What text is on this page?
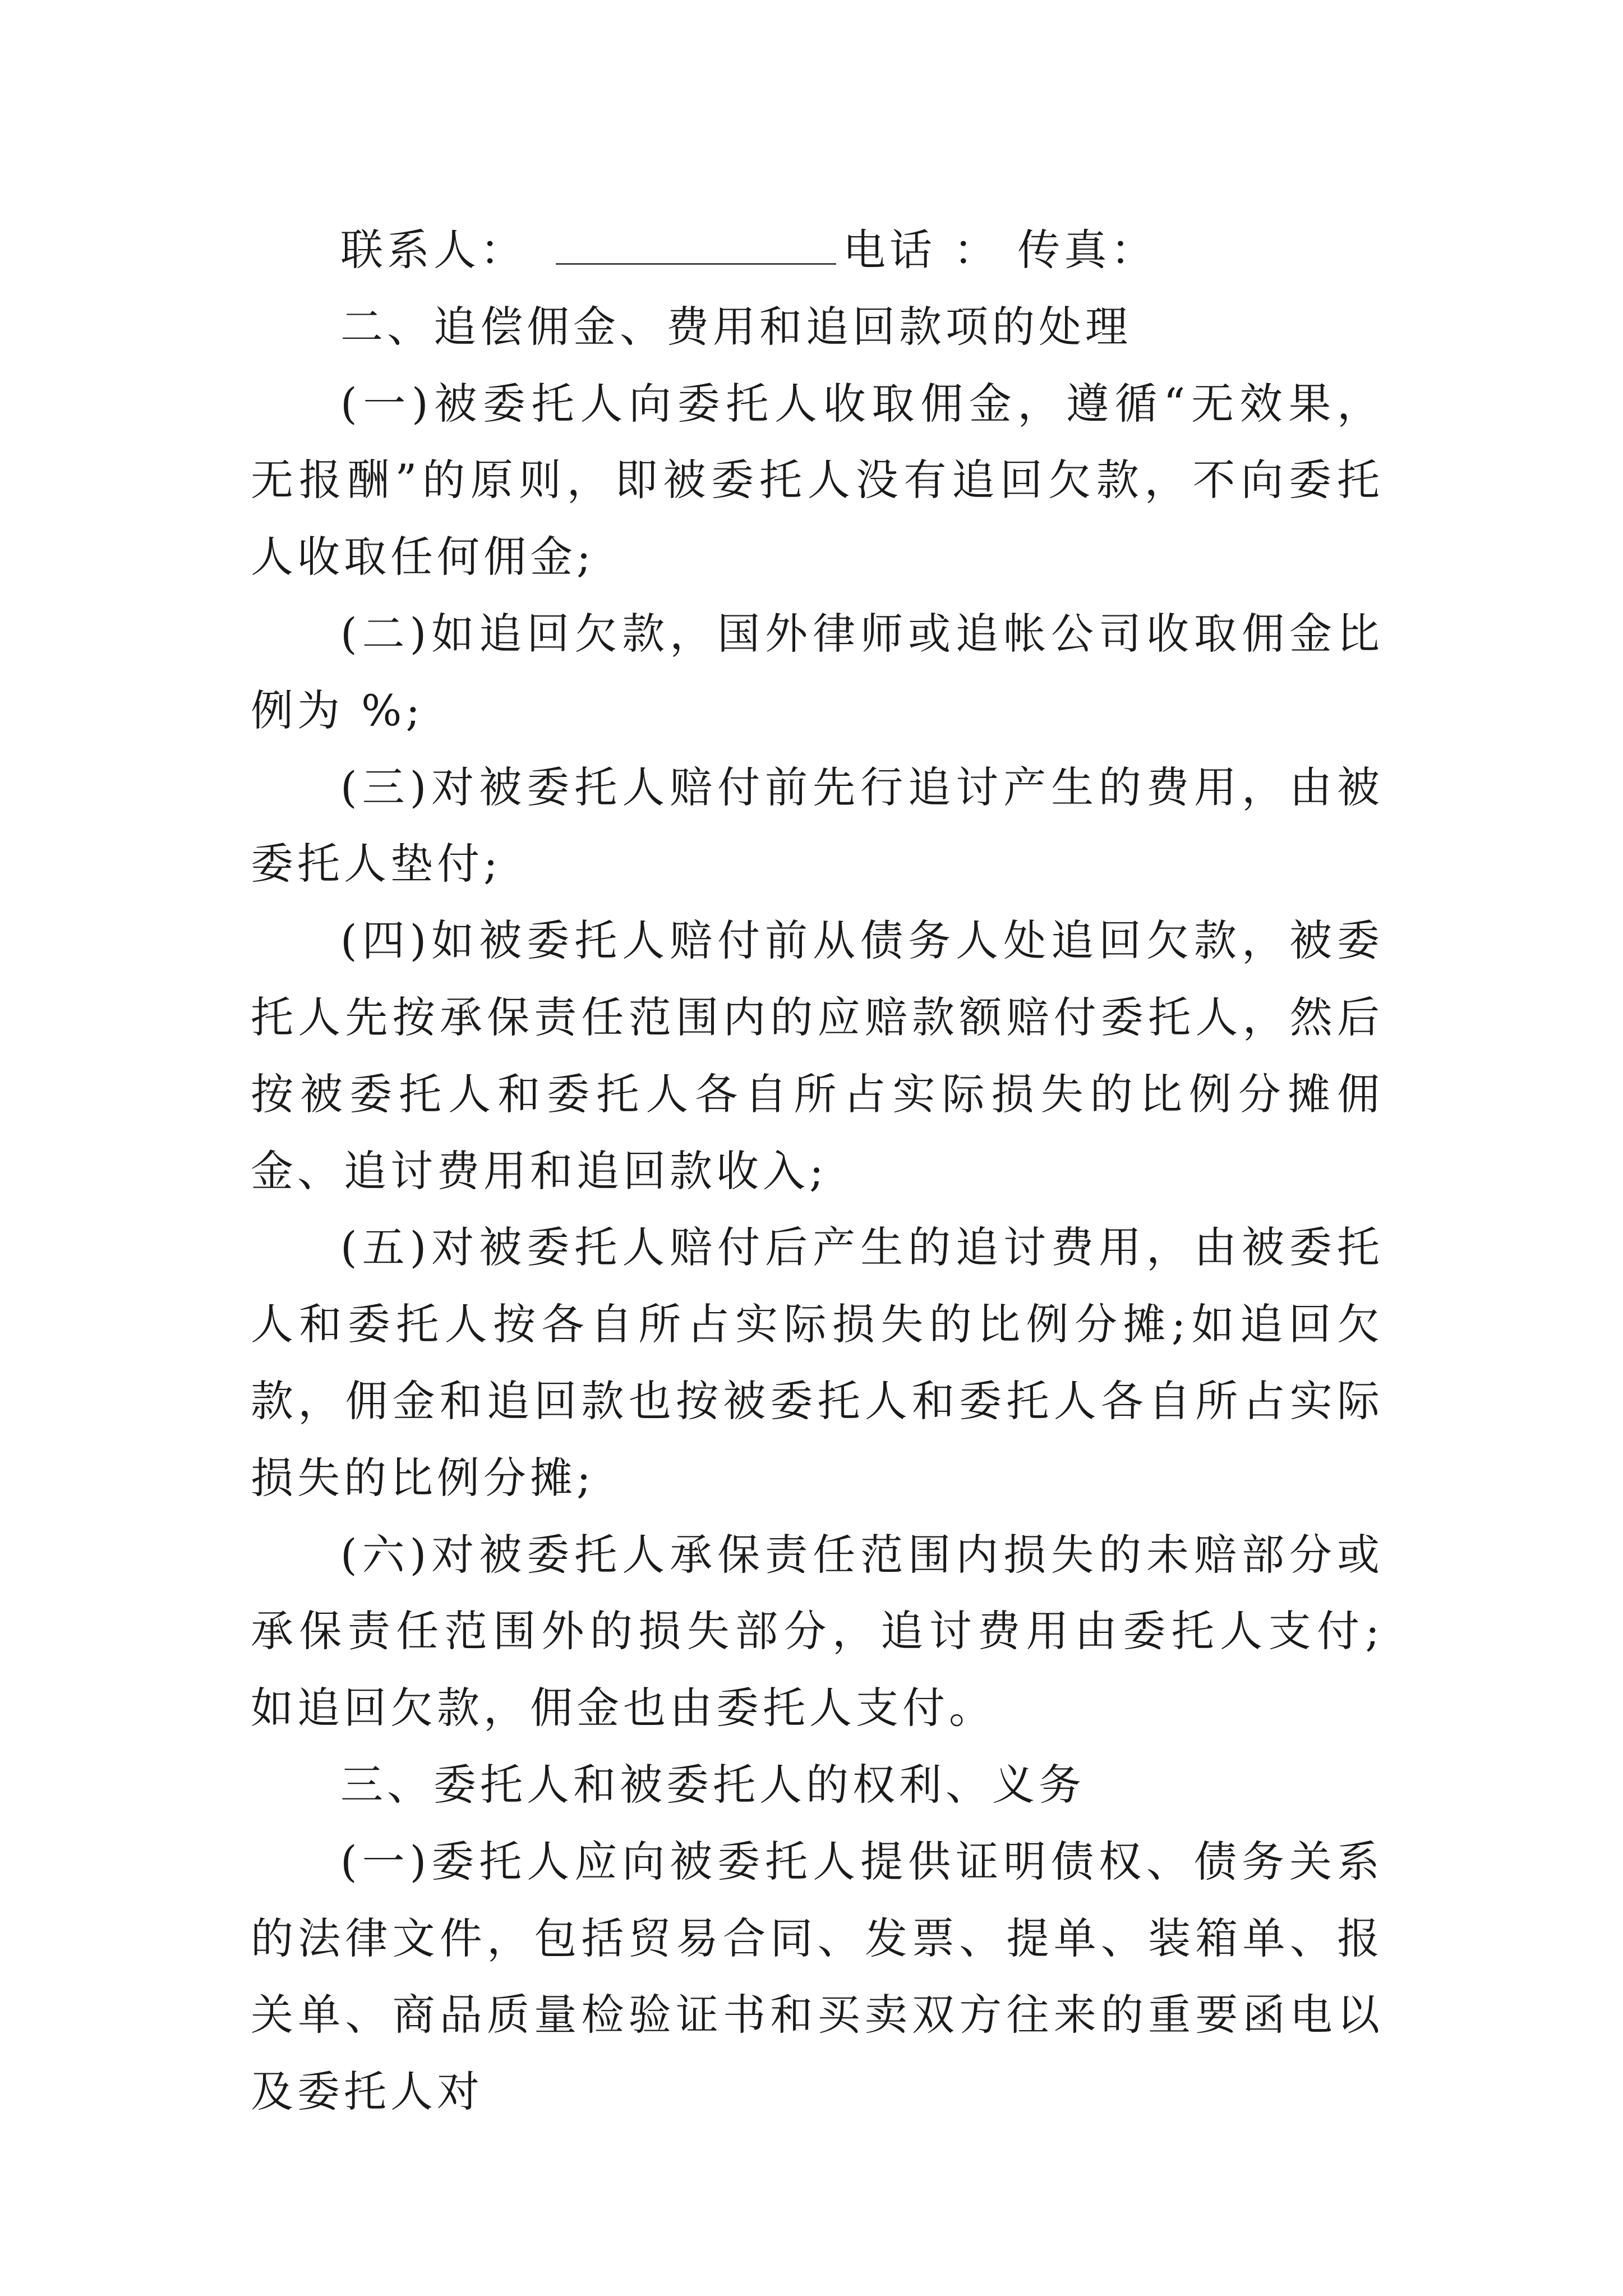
联系人：	电话 ： 传真：

二、追偿佣金、费用和追回款项的处理

(一)被委托人向委托人收取佣金，遵循“无效果，无报酬”的原则，即被委托人没有追回欠款，不向委托人收取任何佣金;

(二)如追回欠款，国外律师或追帐公司收取佣金比例为 %;

(三)对被委托人赔付前先行追讨产生的费用，由被委托人垫付;

(四)如被委托人赔付前从债务人处追回欠款，被委托人先按承保责任范围内的应赔款额赔付委托人，然后按被委托人和委托人各自所占实际损失的比例分摊佣金、追讨费用和追回款收入;

(五)对被委托人赔付后产生的追讨费用，由被委托人和委托人按各自所占实际损失的比例分摊;如追回欠款，佣金和追回款也按被委托人和委托人各自所占实际损失的比例分摊;

(六)对被委托人承保责任范围内损失的未赔部分或承保责任范围外的损失部分，追讨费用由委托人支付;如追回欠款，佣金也由委托人支付。

三、委托人和被委托人的权利、义务

(一)委托人应向被委托人提供证明债权、债务关系的法律文件，包括贸易合同、发票、提单、装箱单、报关单、商品质量检验证书和买卖双方往来的重要函电以及委托人对
